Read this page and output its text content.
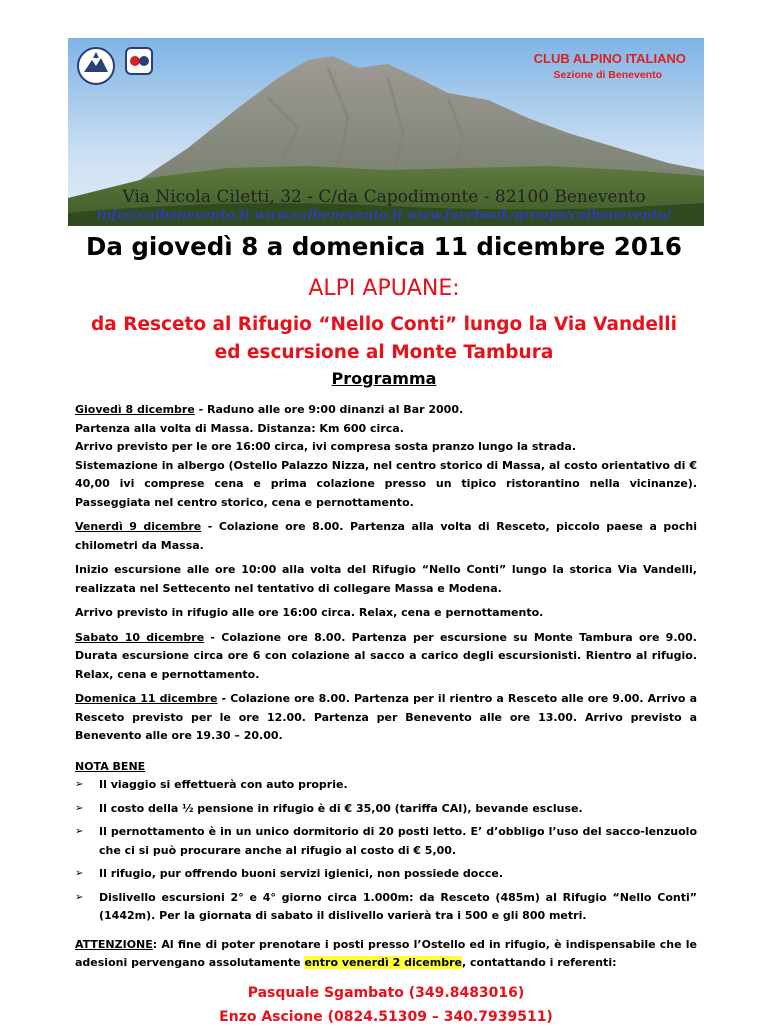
CLUB ALPINO ITALIANO
Sezione di Benevento
Via Nicola Ciletti, 32 - C/da Capodimonte - 82100 Benevento
info@caibenevento.it www.caibenevento.it www.facebook/groups/caibenevento/
Da giovedì 8 a domenica 11 dicembre 2016
ALPI APUANE:
da Resceto al Rifugio “Nello Conti” lungo la Via Vandelli
ed escursione al Monte Tambura
Programma

Giovedì 8 dicembre - Raduno alle ore 9:00 dinanzi al Bar 2000.

Partenza alla volta di Massa. Distanza: Km 600 circa.

Arrivo previsto per le ore 16:00 circa, ivi compresa sosta pranzo lungo la strada.

Sistemazione in albergo (Ostello Palazzo Nizza, nel centro storico di Massa, al costo orientativo di € 40,00 ivi comprese cena e prima colazione presso un tipico ristorantino nella vicinanze). Passeggiata nel centro storico, cena e pernottamento.

Venerdì 9 dicembre - Colazione ore 8.00. Partenza alla volta di Resceto, piccolo paese a pochi chilometri da Massa.

Inizio escursione alle ore 10:00 alla volta del Rifugio “Nello Conti” lungo la storica Via Vandelli, realizzata nel Settecento nel tentativo di collegare Massa e Modena.

Arrivo previsto in rifugio alle ore 16:00 circa. Relax, cena e pernottamento.

Sabato 10 dicembre - Colazione ore 8.00. Partenza per escursione su Monte Tambura ore 9.00. Durata escursione circa ore 6 con colazione al sacco a carico degli escursionisti. Rientro al rifugio. Relax, cena e pernottamento.

Domenica 11 dicembre - Colazione ore 8.00. Partenza per il rientro a Resceto alle ore 9.00. Arrivo a Resceto previsto per le ore 12.00. Partenza per Benevento alle ore 13.00. Arrivo previsto a Benevento alle ore 19.30 – 20.00.

NOTA BENE
➢ Il viaggio si effettuerà con auto proprie.
➢ Il costo della ½ pensione in rifugio è di € 35,00 (tariffa CAI), bevande escluse.
➢ Il pernottamento è in un unico dormitorio di 20 posti letto. E’ d’obbligo l’uso del sacco-lenzuolo che ci si può procurare anche al rifugio al costo di € 5,00.
➢ Il rifugio, pur offrendo buoni servizi igienici, non possiede docce.
➢ Dislivello escursioni 2° e 4° giorno circa 1.000m: da Resceto (485m) al Rifugio “Nello Conti” (1442m). Per la giornata di sabato il dislivello varierà tra i 500 e gli 800 metri.

ATTENZIONE: Al fine di poter prenotare i posti presso l’Ostello ed in rifugio, è indispensabile che le adesioni pervengano assolutamente entro venerdì 2 dicembre, contattando i referenti:

Pasquale Sgambato (349.8483016)
Enzo Ascione (0824.51309 – 340.7939511)
